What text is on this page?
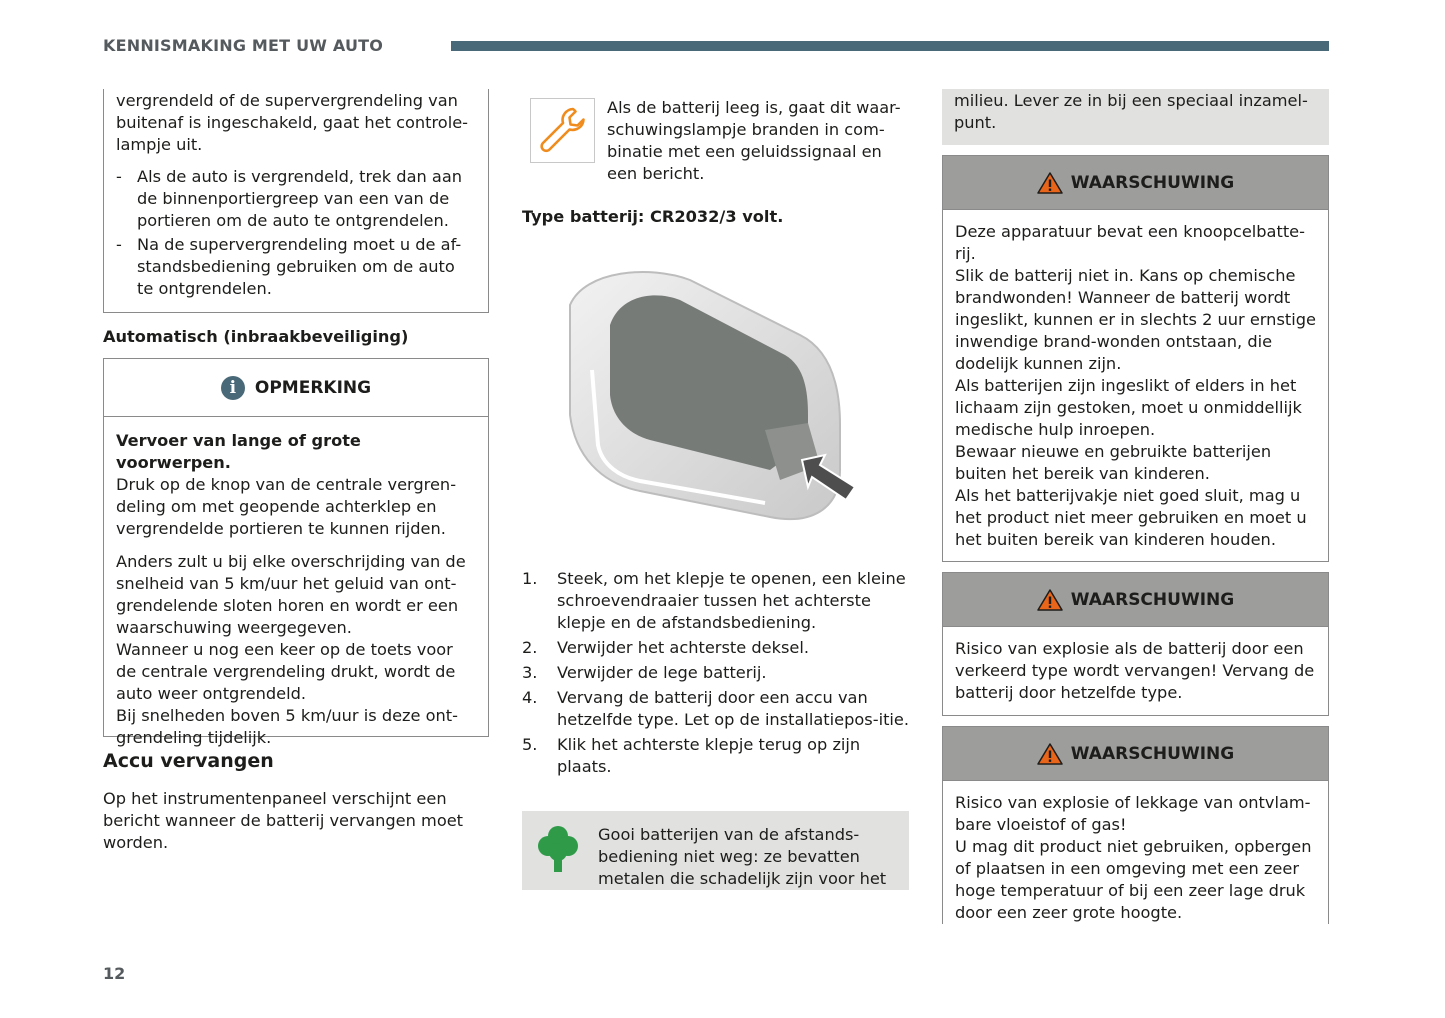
KENNISMAKING MET UW AUTO

vergrendeld of de supervergrendeling van buitenaf is ingeschakeld, gaat het controle-lampje uit.

- Als de auto is vergrendeld, trek dan aan de binnenportiergreep van een van de portieren om de auto te ontgrendelen.
- Na de supervergrendeling moet u de af-standsbediening gebruiken om de auto te ontgrendelen.
Automatisch (inbraakbeveiliging)
i	OPMERKING

Vervoer van lange of grote voorwerpen.

Druk op de knop van de centrale vergren-deling om met geopende achterklep en vergrendelde portieren te kunnen rijden.

Anders zult u bij elke overschrijding van de snelheid van 5 km/uur het geluid van ont-grendelende sloten horen en wordt er een waarschuwing weergegeven.

Wanneer u nog een keer op de toets voor de centrale vergrendeling drukt, wordt de auto weer ontgrendeld.

Bij snelheden boven 5 km/uur is deze ont-grendeling tijdelijk.

Accu vervangen

Op het instrumentenpaneel verschijnt een bericht wanneer de batterij vervangen moet worden.

Als de batterij leeg is, gaat dit waar-schuwingslampje branden in com-binatie met een geluidssignaal en een bericht.

Type batterij: CR2032/3 volt.
1. Steek, om het klepje te openen, een kleine schroevendraaier tussen het achterste klepje en de afstandsbediening.
2. Verwijder het achterste deksel.
3. Verwijder de lege batterij.
4. Vervang de batterij door een accu van hetzelfde type. Let op de installatiepos-itie.
5. Klik het achterste klepje terug op zijn plaats.

Gooi batterijen van de afstands-bediening niet weg: ze bevatten metalen die schadelijk zijn voor het

milieu. Lever ze in bij een speciaal inzamel-punt.

WAARSCHUWING

Deze apparatuur bevat een knoopcelbatte-rij.

Slik de batterij niet in. Kans op chemische brandwonden! Wanneer de batterij wordt ingeslikt, kunnen er in slechts 2 uur ernstige inwendige brand-wonden ontstaan, die dodelijk kunnen zijn.

Als batterijen zijn ingeslikt of elders in het lichaam zijn gestoken, moet u onmiddellijk medische hulp inroepen.

Bewaar nieuwe en gebruikte batterijen buiten het bereik van kinderen.

Als het batterijvakje niet goed sluit, mag u het product niet meer gebruiken en moet u het buiten bereik van kinderen houden.

WAARSCHUWING

Risico van explosie als de batterij door een verkeerd type wordt vervangen! Vervang de batterij door hetzelfde type.

WAARSCHUWING

Risico van explosie of lekkage van ontvlam-bare vloeistof of gas!

U mag dit product niet gebruiken, opbergen of plaatsen in een omgeving met een zeer hoge temperatuur of bij een zeer lage druk door een zeer grote hoogte.

12
